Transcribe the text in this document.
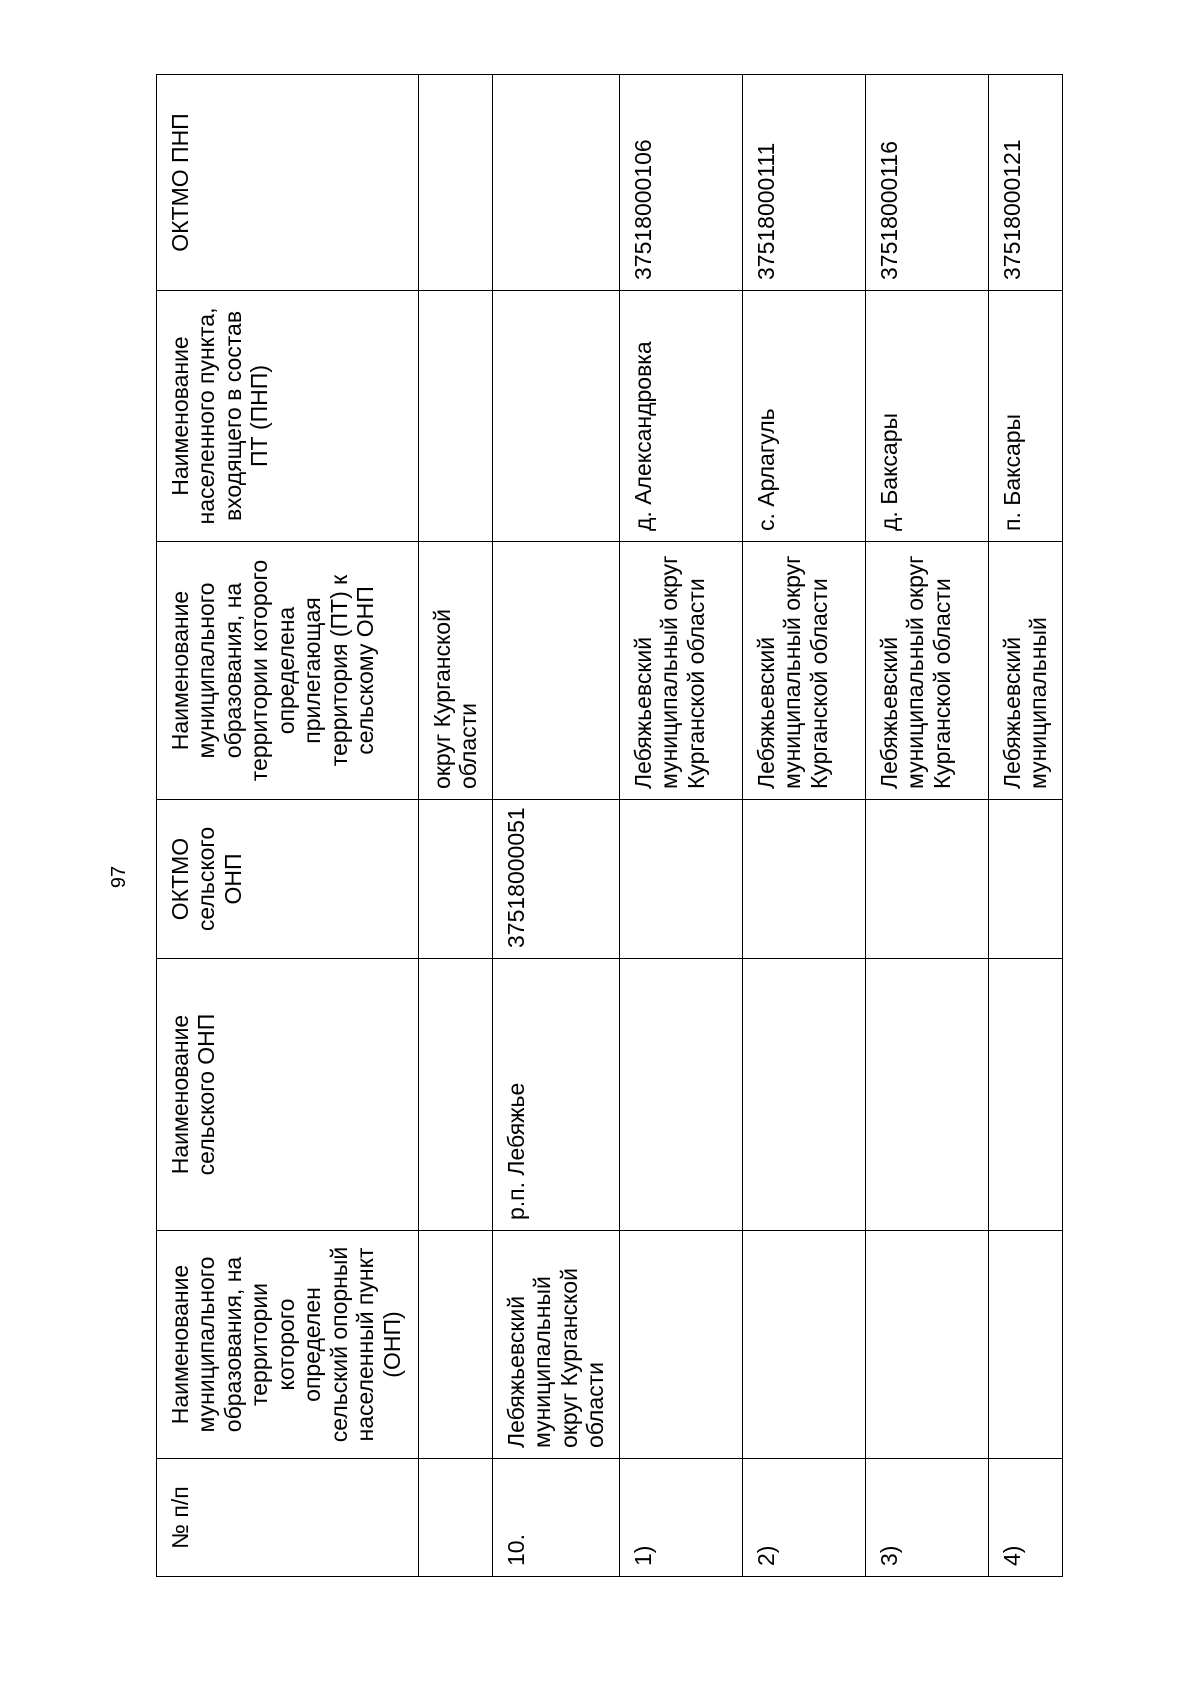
97
№ п/п	Наименование муниципального образования, на территории которого определен сельский опорный населенный пункт (ОНП)	Наименование сельского ОНП	ОКТМО сельского ОНП	Наименование муниципального образования, на территории которого определена прилегающая территория (ПТ) к сельскому ОНП	Наименование населенного пункта, входящего в состав ПТ (ПНП)	ОКТМО ПНП
				округ Курганской области		
10.	Лебяжьевский муниципальный округ Курганской области	р.п. Лебяжье	37518000051			
1)				Лебяжьевский муниципальный округ Курганской области	д. Александровка	37518000106
2)				Лебяжьевский муниципальный округ Курганской области	с. Арлагуль	37518000111
3)				Лебяжьевский муниципальный округ Курганской области	д. Баксары	37518000116
4)				Лебяжьевский муниципальный	п. Баксары	37518000121
